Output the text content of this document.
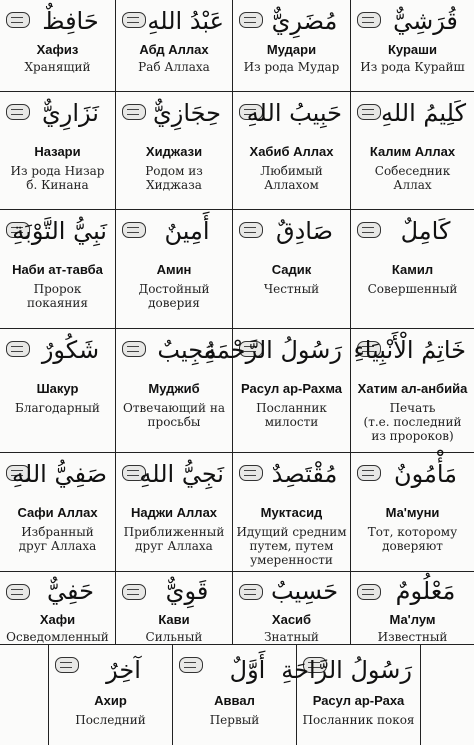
حَافِظٌ
Хафиз
Хранящий
عَبْدُ اللهِ
Абд Аллах
Раб Аллаха
مُضَرِيٌّ
Мудари
Из рода Мудар
قُرَشِيٌّ
Кураши
Из рода Курайш
نَزَارِيٌّ
Назари
Из рода Низар
б. Кинана
حِجَازِيٌّ
Хиджази
Родом из
Хиджаза
حَبِيبُ اللهِ
Хабиб Аллах
Любимый
Аллахом
كَلِيمُ اللهِ
Калим Аллах
Собеседник
Аллах
نَبِيُّ التَّوْبَةِ
Наби ат-тавба
Пророк
покаяния
أَمِينٌ
Амин
Достойный
доверия
صَادِقٌ
Садик
Честный
كَامِلٌ
Камил
Совершенный
شَكُورٌ
Шакур
Благодарный
مُجِيبٌ
Муджиб
Отвечающий на
просьбы
رَسُولُ الرَّحْمَةِ
Расул ар-Рахма
Посланник
милости
خَاتِمُ الْأَنْبِيَاءِ
Хатим ал-анбийа
Печать
(т.е. последний
из пророков)
صَفِيُّ اللهِ
Сафи Аллах
Избранный
друг Аллаха
نَجِيُّ اللهِ
Наджи Аллах
Приближенный
друг Аллаха
مُقْتَصِدٌ
Муктасид
Идущий средним
путем, путем
умеренности
مَأْمُونٌ
Ма'муни
Тот, которому
доверяют
حَفِيٌّ
Хафи
Осведомленный
قَوِيٌّ
Кави
Сильный
حَسِيبٌ
Хасиб
Знатный
مَعْلُومٌ
Ма'лум
Известный
آخِرٌ
Ахир
Последний
أَوَّلٌ
Аввал
Первый
رَسُولُ الرَّاحَةِ
Расул ар-Раха
Посланник покоя
